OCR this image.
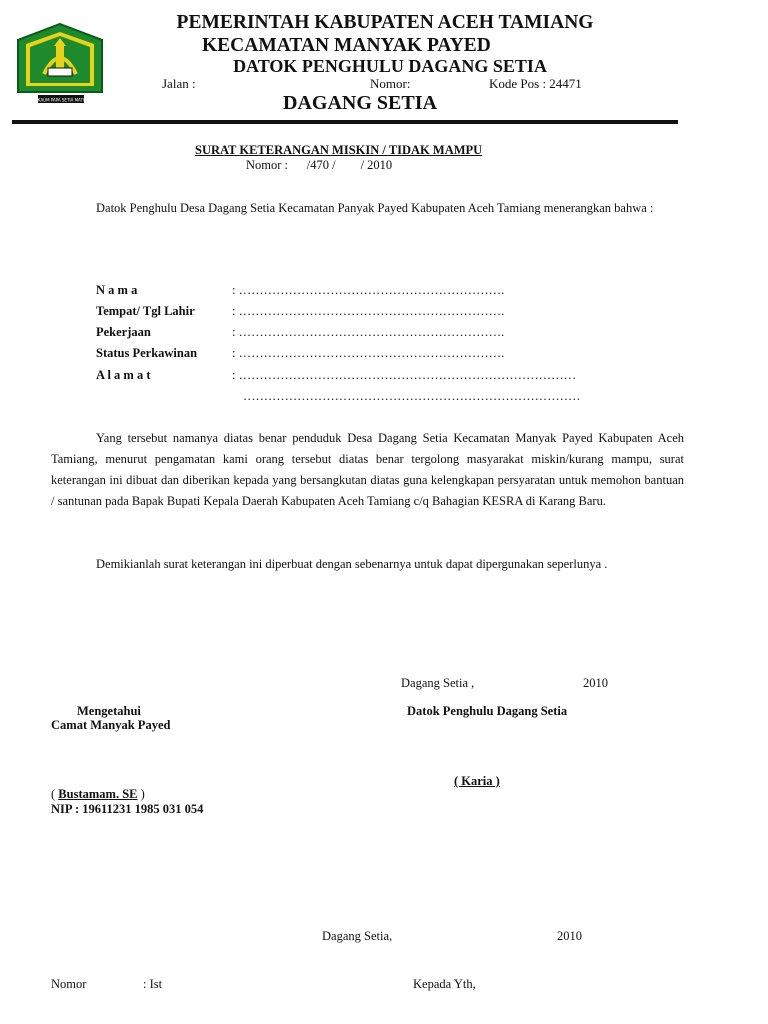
KAUM PAPA SETIA MATI
PEMERINTAH KABUPATEN ACEH TAMIANG
KECAMATAN MANYAK PAYED
DATOK PENGHULU DAGANG SETIA
Jalan :	Nomor:	Kode Pos : 24471
DAGANG SETIA
SURAT KETERANGAN MISKIN / TIDAK MAMPU
Nomor :      /470 /        / 2010
Datok Penghulu Desa Dagang Setia Kecamatan Panyak Payed Kabupaten Aceh Tamiang menerangkan bahwa :
N a m a	: ……………………………………………………….
Tempat/ Tgl Lahir	: ……………………………………………………….
Pekerjaan	: ……………………………………………………….
Status Perkawinan	: ……………………………………………………….
A l a m a t	: ………………………………………………………………………
………………………………………………………………………
Yang tersebut namanya diatas benar penduduk Desa Dagang Setia Kecamatan Manyak Payed Kabupaten Aceh Tamiang, menurut pengamatan kami orang tersebut diatas benar tergolong masyarakat miskin/kurang mampu, surat keterangan ini dibuat dan diberikan kepada yang bersangkutan diatas guna kelengkapan persyaratan untuk memohon bantuan / santunan pada Bapak Bupati Kepala Daerah Kabupaten Aceh Tamiang c/q Bahagian KESRA di Karang Baru.
Demikianlah surat keterangan ini diperbuat dengan sebenarnya untuk dapat dipergunakan seperlunya .
Dagang Setia ,	2010
Mengetahui
Camat Manyak Payed
Datok Penghulu Dagang Setia
( Karia )
( Bustamam. SE )
NIP : 19611231 1985 031 054
Dagang Setia,	2010
Nomor	: Ist	Kepada Yth,
